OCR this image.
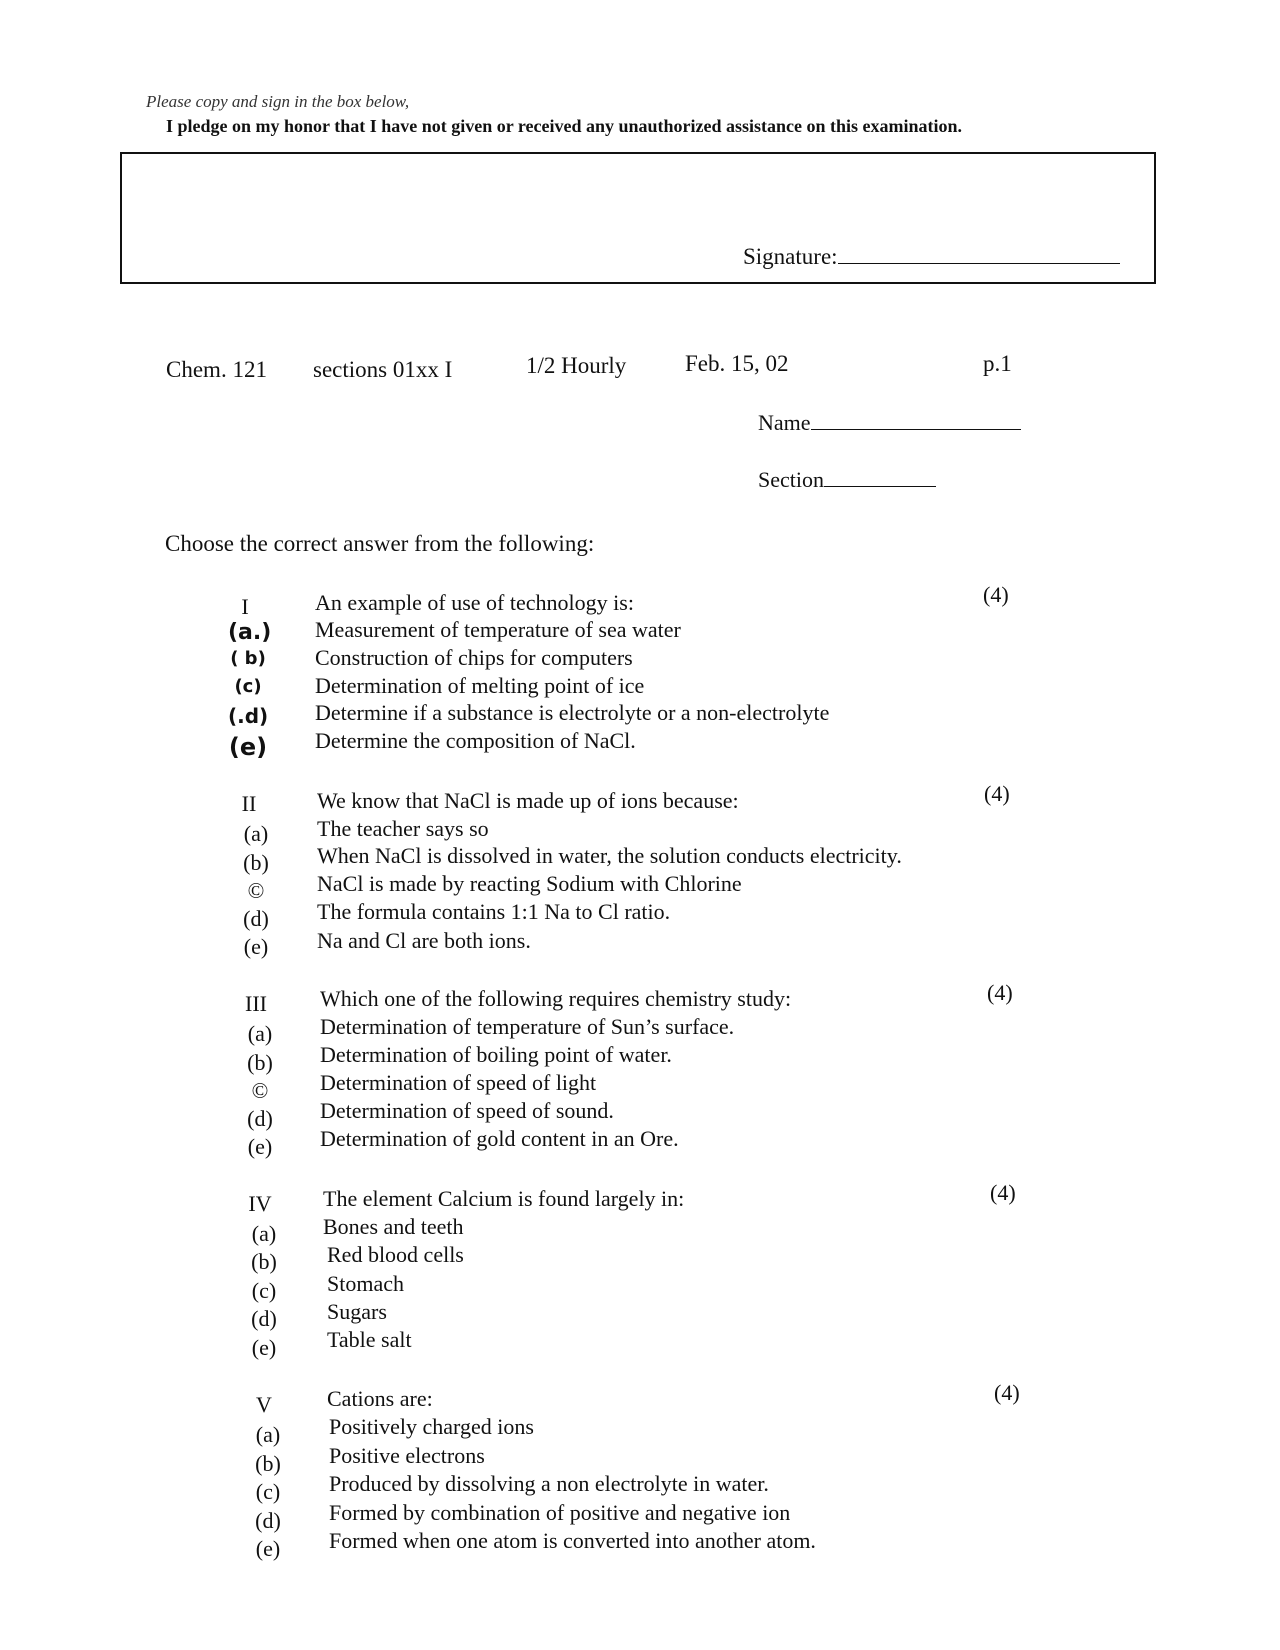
Please copy and sign in the box below,
I pledge on my honor that I have not given or received any unauthorized assistance on this examination.
Signature:
Chem. 121 sections 01xx I	1/2 Hourly	Feb. 15, 02	p.1
Name
Section
Choose the correct answer from the following:
I	An example of use of technology is:	(4)
(a.) Measurement of temperature of sea water
( b) Construction of chips for computers
(c) Determination of melting point of ice
(.d) Determine if a substance is electrolyte or a non-electrolyte
(e) Determine the composition of NaCl.
II	We know that NaCl is made up of ions because:	(4)
(a)	The teacher says so
(b)	When NaCl is dissolved in water, the solution conducts electricity.
©	NaCl is made by reacting Sodium with Chlorine
(d)	The formula contains 1:1 Na to Cl ratio.
(e)	Na and Cl are both ions.
III	Which one of the following requires chemistry study:	(4)
(a)	Determination of temperature of Sun’s surface.
(b)	Determination of boiling point of water.
©	Determination of speed of light
(d)	Determination of speed of sound.
(e)	Determination of gold content in an Ore.
IV	The element Calcium is found largely in:	(4)
(a)	Bones and teeth
(b)	Red blood cells
(c)	Stomach
(d)	Sugars
(e)	Table salt
V	Cations are:	(4)
(a)	Positively charged ions
(b)	Positive electrons
(c)	Produced by dissolving a non electrolyte in water.
(d)	Formed by combination of positive and negative ion
(e)	Formed when one atom is converted into another atom.
